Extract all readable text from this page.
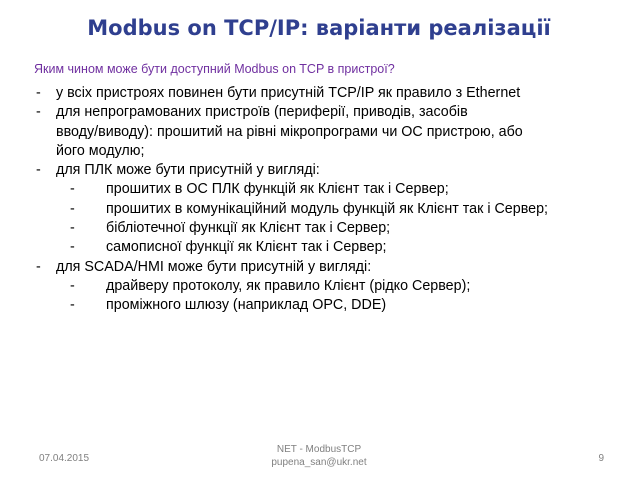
Modbus on TCP/IP: варіанти реалізації
Яким чином може бути доступний Modbus on TCP в пристрої?
- у всіх пристроях повинен бути присутній TCP/IP як правило з Ethernet
- для непрограмованих пристроїв (периферії, приводів, засобів
вводу/виводу): прошитий на рівні мікропрограми чи ОС пристрою, або
його модулю;
- для ПЛК може бути присутній у вигляді:
- прошитих в ОС ПЛК функцій як Клієнт так і Сервер;
- прошитих в комунікаційний модуль функцій як Клієнт так і Сервер;
- бібліотечної функції як Клієнт так і Сервер;
- самописної функції як Клієнт так і Сервер;
- для SCADA/HMI може бути присутній у вигляді:
- драйверу протоколу, як правило Клієнт (рідко Сервер);
- проміжного шлюзу (наприклад OPC, DDE)
07.04.2015
NET - ModbusTCP
pupena_san@ukr.net	9
